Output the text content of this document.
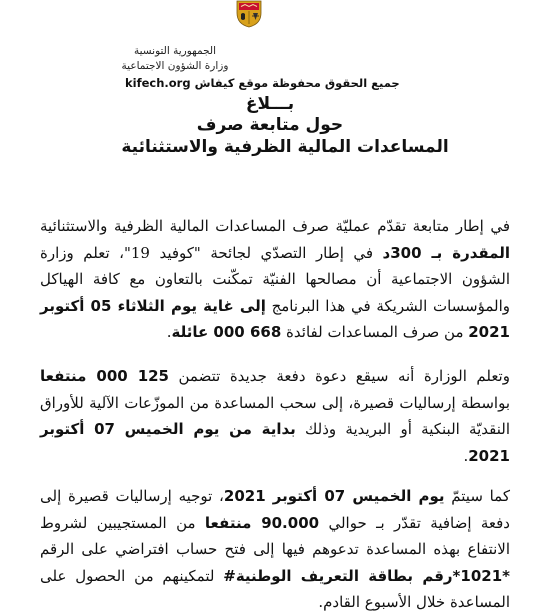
الجمهورية التونسية
وزارة الشؤون الاجتماعية
جميع الحقوق محفوظة موقع كيفاش kifech.org
بـــلاغ
حول متابعة صرف
المساعدات المالية الظرفية والاستثنائية

في إطار متابعة تقدّم عمليّة صرف المساعدات المالية الظرفية والاستثنائية المقدرة بـ 300د في إطار التصدّي لجائحة "كوفيد 19"، تعلم وزارة الشؤون الاجتماعية أن مصالحها الفنيّة تمكّنت بالتعاون مع كافة الهياكل والمؤسسات الشريكة في هذا البرنامج إلى غاية يوم الثلاثاء 05 أكتوبر 2021 من صرف المساعدات لفائدة 668 000 عائلة.

وتعلم الوزارة أنه سيقع دعوة دفعة جديدة تتضمن 125 000 منتفعا بواسطة إرساليات قصيرة، إلى سحب المساعدة من الموزّعات الآلية للأوراق النقديّة البنكية أو البريدية وذلك بداية من يوم الخميس 07 أكتوبر 2021.

كما سيتمّ يوم الخميس 07 أكتوبر 2021، توجيه إرساليات قصيرة إلى دفعة إضافية تقدّر بـ حوالي 90.000 منتفعا من المستجيبين لشروط الانتفاع بهذه المساعدة تدعوهم فيها إلى فتح حساب افتراضي على الرقم *1021*رقم بطاقة التعريف الوطنية# لتمكينهم من الحصول على المساعدة خلال الأسبوع القادم.
